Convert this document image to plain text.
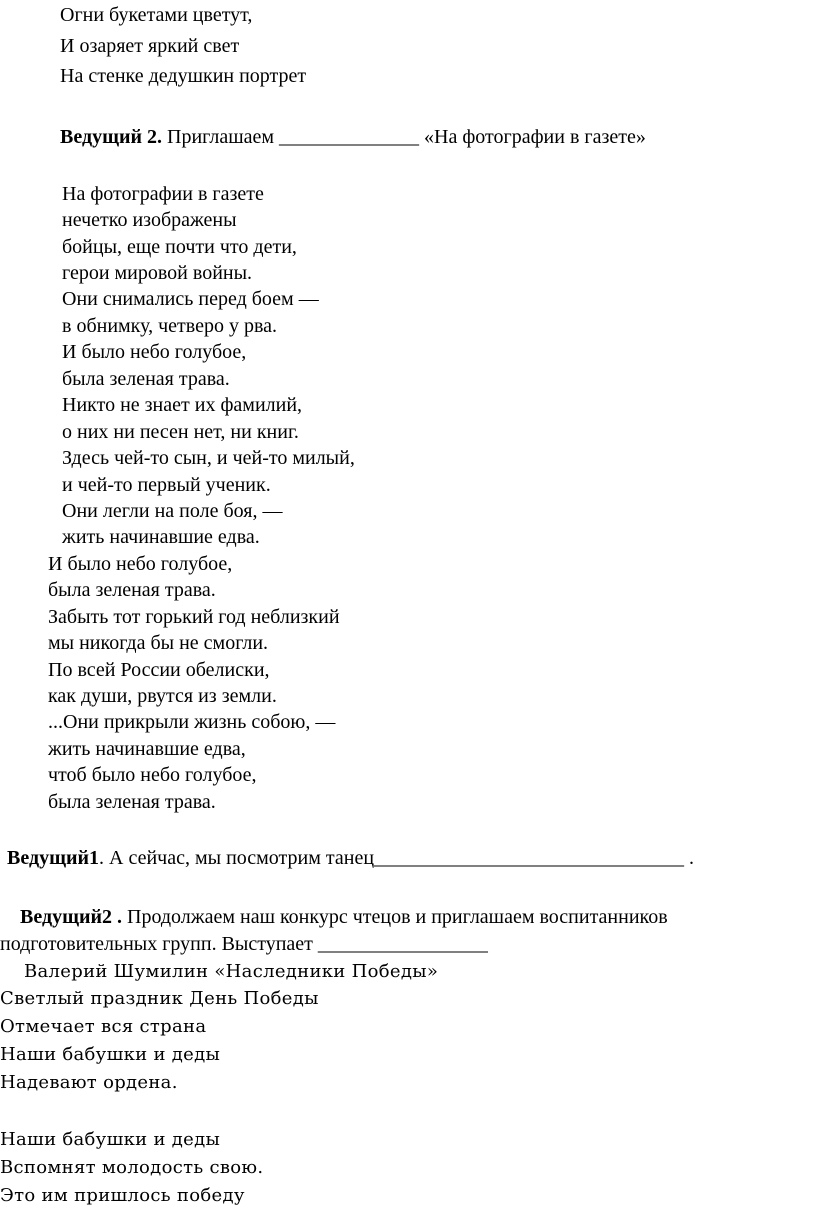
Огни букетами цветут,
И озаряет яркий свет
На стенке дедушкин портрет
Ведущий 2. Приглашаем ______________ «На фотографии в газете»
На фотографии в газете
нечетко изображены
бойцы, еще почти что дети,
герои мировой войны.
Они снимались перед боем —
в обнимку, четверо у рва.
И было небо голубое,
была зеленая трава.
Никто не знает их фамилий,
о них ни песен нет, ни книг.
Здесь чей-то сын, и чей-то милый,
и чей-то первый ученик.
Они легли на поле боя, —
жить начинавшие едва.
И было небо голубое,
была зеленая трава.
Забыть тот горький год неблизкий
мы никогда бы не смогли.
По всей России обелиски,
как души, рвутся из земли.
...Они прикрыли жизнь собою, —
жить начинавшие едва,
чтоб было небо голубое,
была зеленая трава.
Ведущий1. А сейчас, мы посмотрим танец_______________________________ .
Ведущий2 . Продолжаем наш конкурс чтецов и приглашаем воспитанников
подготовительных групп. Выступает _________________
Валерий Шумилин «Наследники Победы»
Светлый праздник День Победы
Отмечает вся страна
Наши бабушки и деды
Надевают ордена.
Наши бабушки и деды
Вспомнят молодость свою.
Это им пришлось победу
